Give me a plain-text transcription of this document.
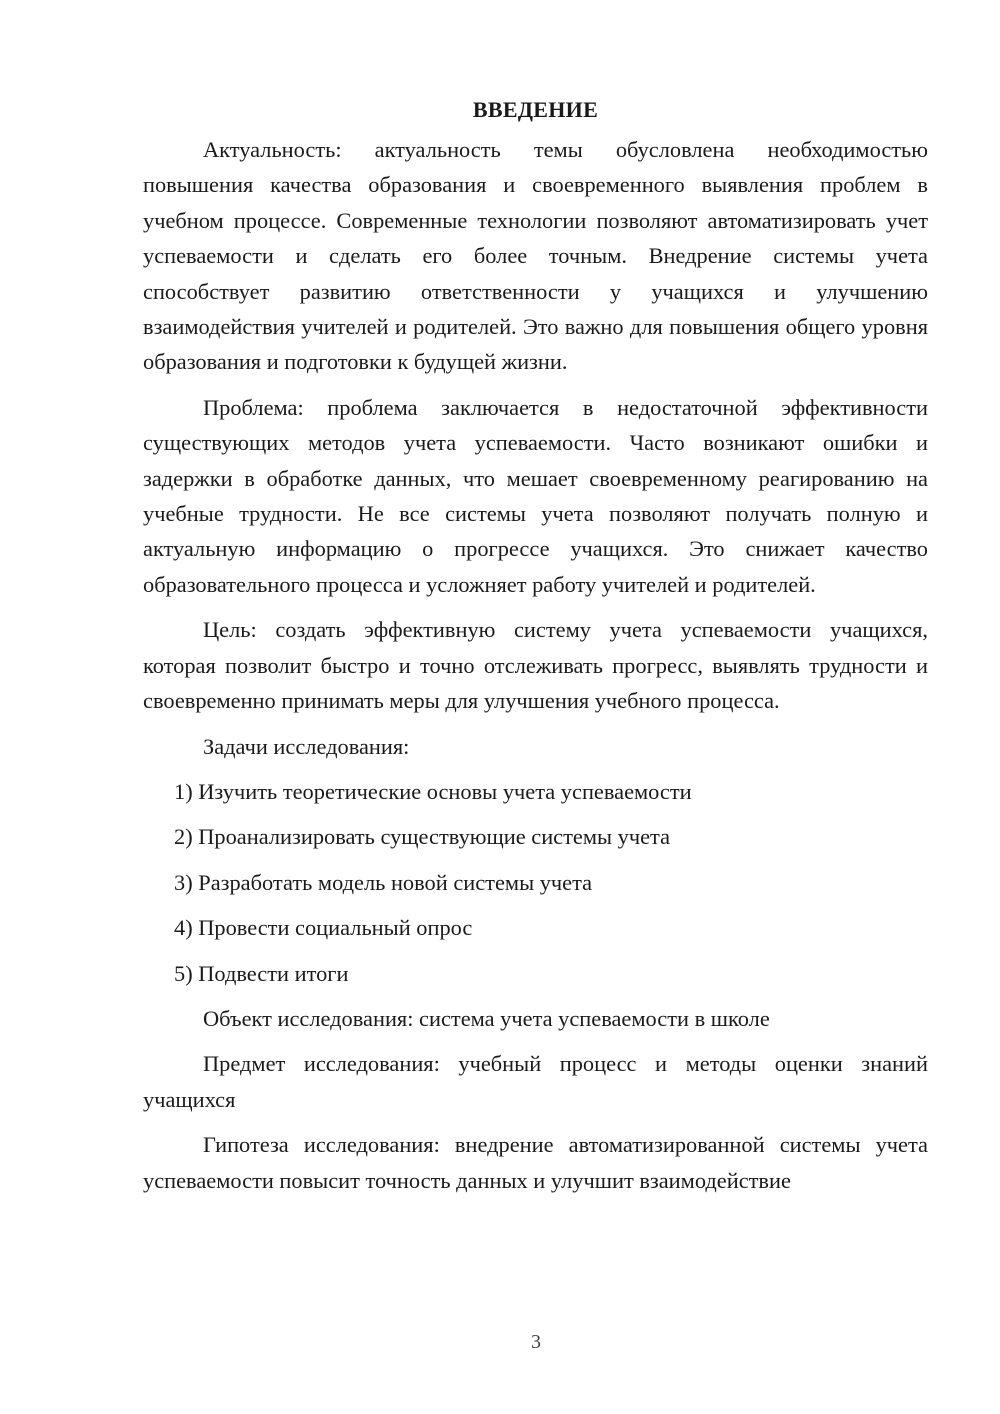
ВВЕДЕНИЕ

Актуальность: актуальность темы обусловлена необходимостью повышения качества образования и своевременного выявления проблем в учебном процессе. Современные технологии позволяют автоматизировать учет успеваемости и сделать его более точным. Внедрение системы учета способствует развитию ответственности у учащихся и улучшению взаимодействия учителей и родителей. Это важно для повышения общего уровня образования и подготовки к будущей жизни.

Проблема: проблема заключается в недостаточной эффективности существующих методов учета успеваемости. Часто возникают ошибки и задержки в обработке данных, что мешает своевременному реагированию на учебные трудности. Не все системы учета позволяют получать полную и актуальную информацию о прогрессе учащихся. Это снижает качество образовательного процесса и усложняет работу учителей и родителей.

Цель: создать эффективную систему учета успеваемости учащихся, которая позволит быстро и точно отслеживать прогресс, выявлять трудности и своевременно принимать меры для улучшения учебного процесса.

Задачи исследования:

1) Изучить теоретические основы учета успеваемости

2) Проанализировать существующие системы учета

3) Разработать модель новой системы учета

4) Провести социальный опрос

5) Подвести итоги

Объект исследования: система учета успеваемости в школе

Предмет исследования: учебный процесс и методы оценки знаний учащихся

Гипотеза исследования: внедрение автоматизированной системы учета успеваемости повысит точность данных и улучшит взаимодействие

3
